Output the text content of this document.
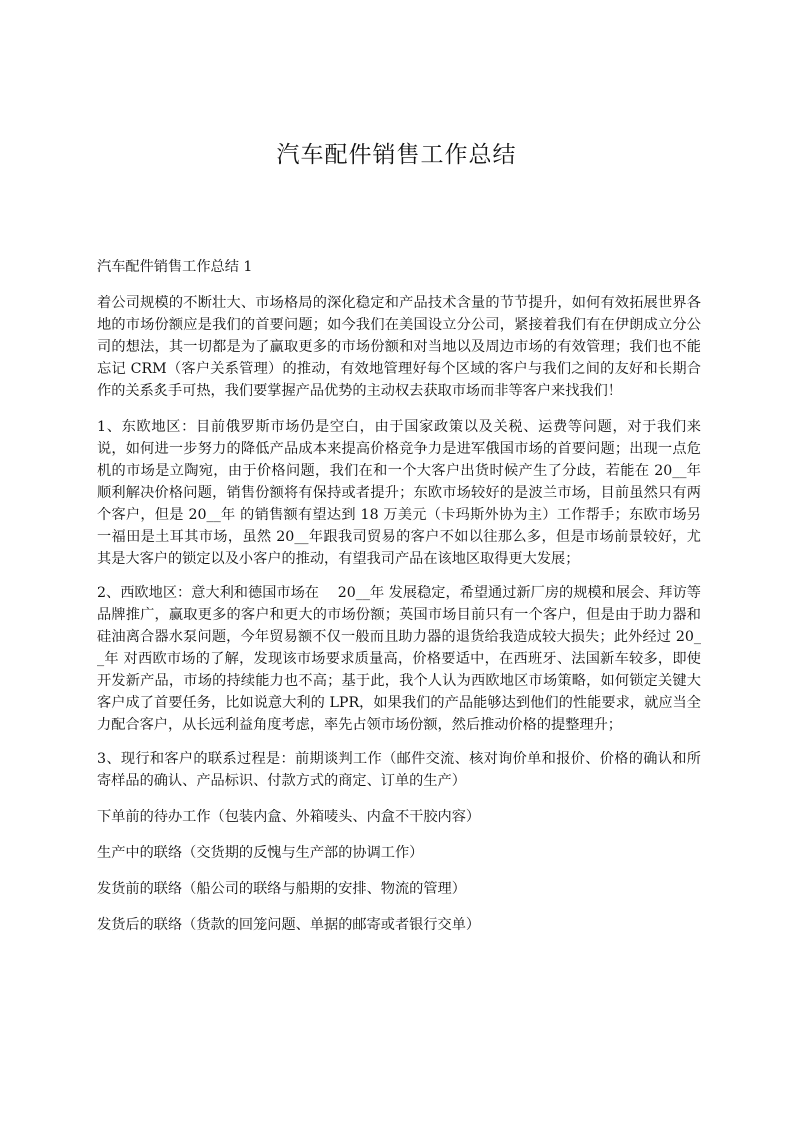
汽车配件销售工作总结

汽车配件销售工作总结 1

着公司规模的不断壮大、市场格局的深化稳定和产品技术含量的节节提升，如何有效拓展世界各地的市场份额应是我们的首要问题；如今我们在美国设立分公司，紧接着我们有在伊朗成立分公司的想法，其一切都是为了赢取更多的市场份额和对当地以及周边市场的有效管理；我们也不能忘记 CRM（客户关系管理）的推动，有效地管理好每个区域的客户与我们之间的友好和长期合作的关系炙手可热，我们要掌握产品优势的主动权去获取市场而非等客户来找我们！

1、东欧地区：目前俄罗斯市场仍是空白，由于国家政策以及关税、运费等问题，对于我们来说，如何进一步努力的降低产品成本来提高价格竞争力是进军俄国市场的首要问题；出现一点危机的市场是立陶宛，由于价格问题，我们在和一个大客户出货时候产生了分歧，若能在 20__年 顺利解决价格问题，销售份额将有保持或者提升；东欧市场较好的是波兰市场，目前虽然只有两个客户，但是 20__年 的销售额有望达到 18 万美元（卡玛斯外协为主）工作帮手；东欧市场另一福田是土耳其市场，虽然 20__年跟我司贸易的客户不如以往那么多，但是市场前景较好，尤其是大客户的锁定以及小客户的推动，有望我司产品在该地区取得更大发展；

2、西欧地区：意大利和德国市场在　 20__年 发展稳定，希望通过新厂房的规模和展会、拜访等品牌推广，赢取更多的客户和更大的市场份额；英国市场目前只有一个客户，但是由于助力器和硅油离合器水泵问题，今年贸易额不仅一般而且助力器的退货给我造成较大损失；此外经过 20__年 对西欧市场的了解，发现该市场要求质量高，价格要适中，在西班牙、法国新车较多，即使开发新产品，市场的持续能力也不高；基于此，我个人认为西欧地区市场策略，如何锁定关键大客户成了首要任务，比如说意大利的 LPR，如果我们的产品能够达到他们的性能要求，就应当全力配合客户，从长远利益角度考虑，率先占领市场份额，然后推动价格的提整理升；

3、现行和客户的联系过程是：前期谈判工作（邮件交流、核对询价单和报价、价格的确认和所寄样品的确认、产品标识、付款方式的商定、订单的生产）

下单前的待办工作（包装内盒、外箱唛头、内盒不干胶内容）

生产中的联络（交货期的反愧与生产部的协调工作）

发货前的联络（船公司的联络与船期的安排、物流的管理）

发货后的联络（货款的回笼问题、单据的邮寄或者银行交单）
